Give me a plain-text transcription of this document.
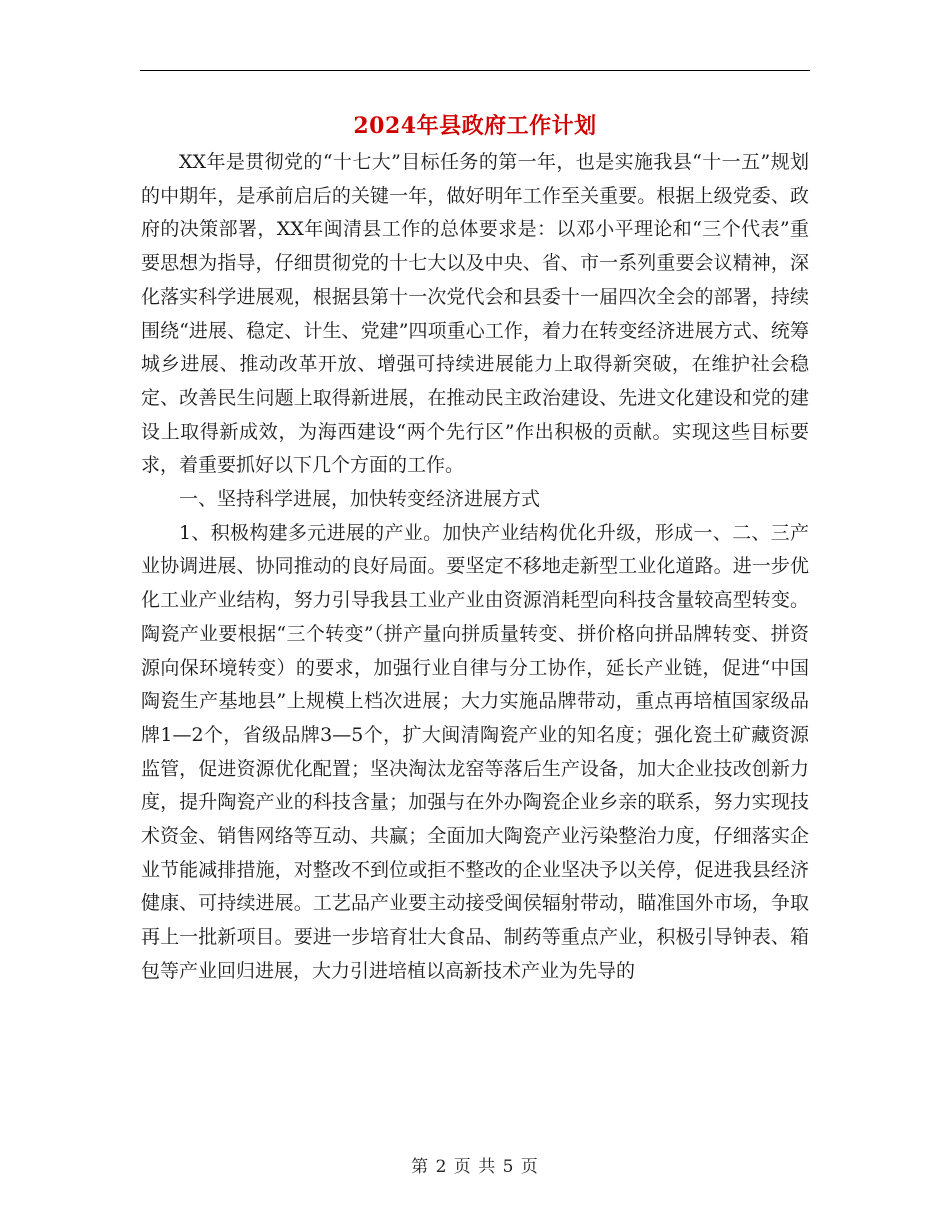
2024年县政府工作计划

XX年是贯彻党的“十七大”目标任务的第一年，也是实施我县“十一五”规划的中期年，是承前启后的关键一年，做好明年工作至关重要。根据上级党委、政府的决策部署，XX年闽清县工作的总体要求是：以邓小平理论和“三个代表”重要思想为指导，仔细贯彻党的十七大以及中央、省、市一系列重要会议精神，深化落实科学进展观，根据县第十一次党代会和县委十一届四次全会的部署，持续围绕“进展、稳定、计生、党建”四项重心工作，着力在转变经济进展方式、统筹城乡进展、推动改革开放、增强可持续进展能力上取得新突破，在维护社会稳定、改善民生问题上取得新进展，在推动民主政治建设、先进文化建设和党的建设上取得新成效，为海西建设“两个先行区”作出积极的贡献。实现这些目标要求，着重要抓好以下几个方面的工作。

一、坚持科学进展，加快转变经济进展方式

1、积极构建多元进展的产业。加快产业结构优化升级，形成一、二、三产业协调进展、协同推动的良好局面。要坚定不移地走新型工业化道路。进一步优化工业产业结构，努力引导我县工业产业由资源消耗型向科技含量较高型转变。陶瓷产业要根据“三个转变”（拼产量向拼质量转变、拼价格向拼品牌转变、拼资源向保环境转变）的要求，加强行业自律与分工协作，延长产业链，促进“中国陶瓷生产基地县”上规模上档次进展；大力实施品牌带动，重点再培植国家级品牌1—2个，省级品牌3—5个，扩大闽清陶瓷产业的知名度；强化瓷土矿藏资源监管，促进资源优化配置；坚决淘汰龙窑等落后生产设备，加大企业技改创新力度，提升陶瓷产业的科技含量；加强与在外办陶瓷企业乡亲的联系，努力实现技术资金、销售网络等互动、共赢；全面加大陶瓷产业污染整治力度，仔细落实企业节能减排措施，对整改不到位或拒不整改的企业坚决予以关停，促进我县经济健康、可持续进展。工艺品产业要主动接受闽侯辐射带动，瞄准国外市场，争取再上一批新项目。要进一步培育壮大食品、制药等重点产业，积极引导钟表、箱包等产业回归进展，大力引进培植以高新技术产业为先导的

第 2 页 共 5 页
